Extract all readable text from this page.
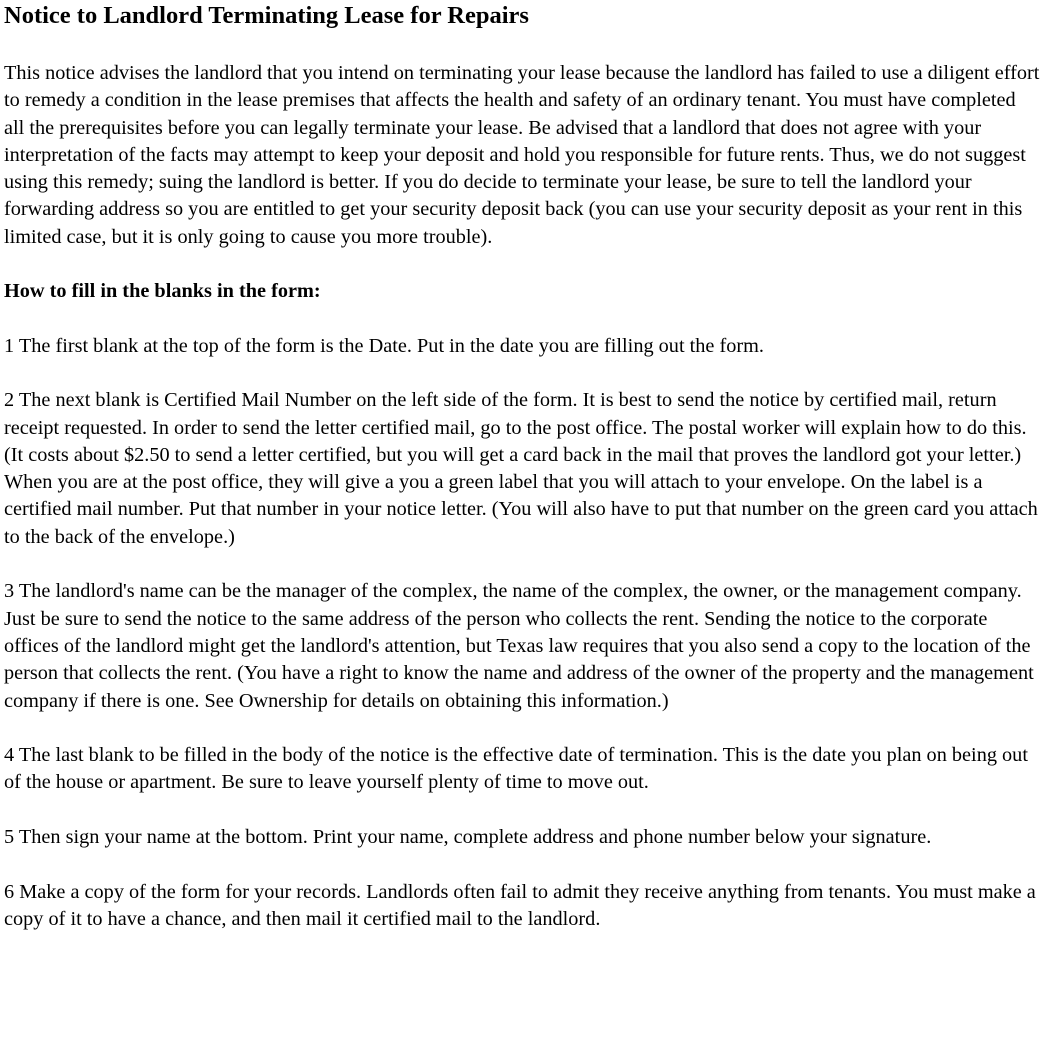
Notice to Landlord Terminating Lease for Repairs

This notice advises the landlord that you intend on terminating your lease because the landlord has failed to use a diligent effort to remedy a condition in the lease premises that affects the health and safety of an ordinary tenant. You must have completed all the prerequisites before you can legally terminate your lease. Be advised that a landlord that does not agree with your interpretation of the facts may attempt to keep your deposit and hold you responsible for future rents. Thus, we do not suggest using this remedy; suing the landlord is better. If you do decide to terminate your lease, be sure to tell the landlord your forwarding address so you are entitled to get your security deposit back (you can use your security deposit as your rent in this limited case, but it is only going to cause you more trouble).

How to fill in the blanks in the form:

1 The first blank at the top of the form is the Date. Put in the date you are filling out the form.

2 The next blank is Certified Mail Number on the left side of the form. It is best to send the notice by certified mail, return receipt requested. In order to send the letter certified mail, go to the post office. The postal worker will explain how to do this. (It costs about $2.50 to send a letter certified, but you will get a card back in the mail that proves the landlord got your letter.) When you are at the post office, they will give a you a green label that you will attach to your envelope. On the label is a certified mail number. Put that number in your notice letter. (You will also have to put that number on the green card you attach to the back of the envelope.)

3 The landlord's name can be the manager of the complex, the name of the complex, the owner, or the management company. Just be sure to send the notice to the same address of the person who collects the rent. Sending the notice to the corporate offices of the landlord might get the landlord's attention, but Texas law requires that you also send a copy to the location of the person that collects the rent. (You have a right to know the name and address of the owner of the property and the management company if there is one. See Ownership for details on obtaining this information.)

4 The last blank to be filled in the body of the notice is the effective date of termination. This is the date you plan on being out of the house or apartment. Be sure to leave yourself plenty of time to move out.

5 Then sign your name at the bottom. Print your name, complete address and phone number below your signature.

6 Make a copy of the form for your records. Landlords often fail to admit they receive anything from tenants. You must make a copy of it to have a chance, and then mail it certified mail to the landlord.
